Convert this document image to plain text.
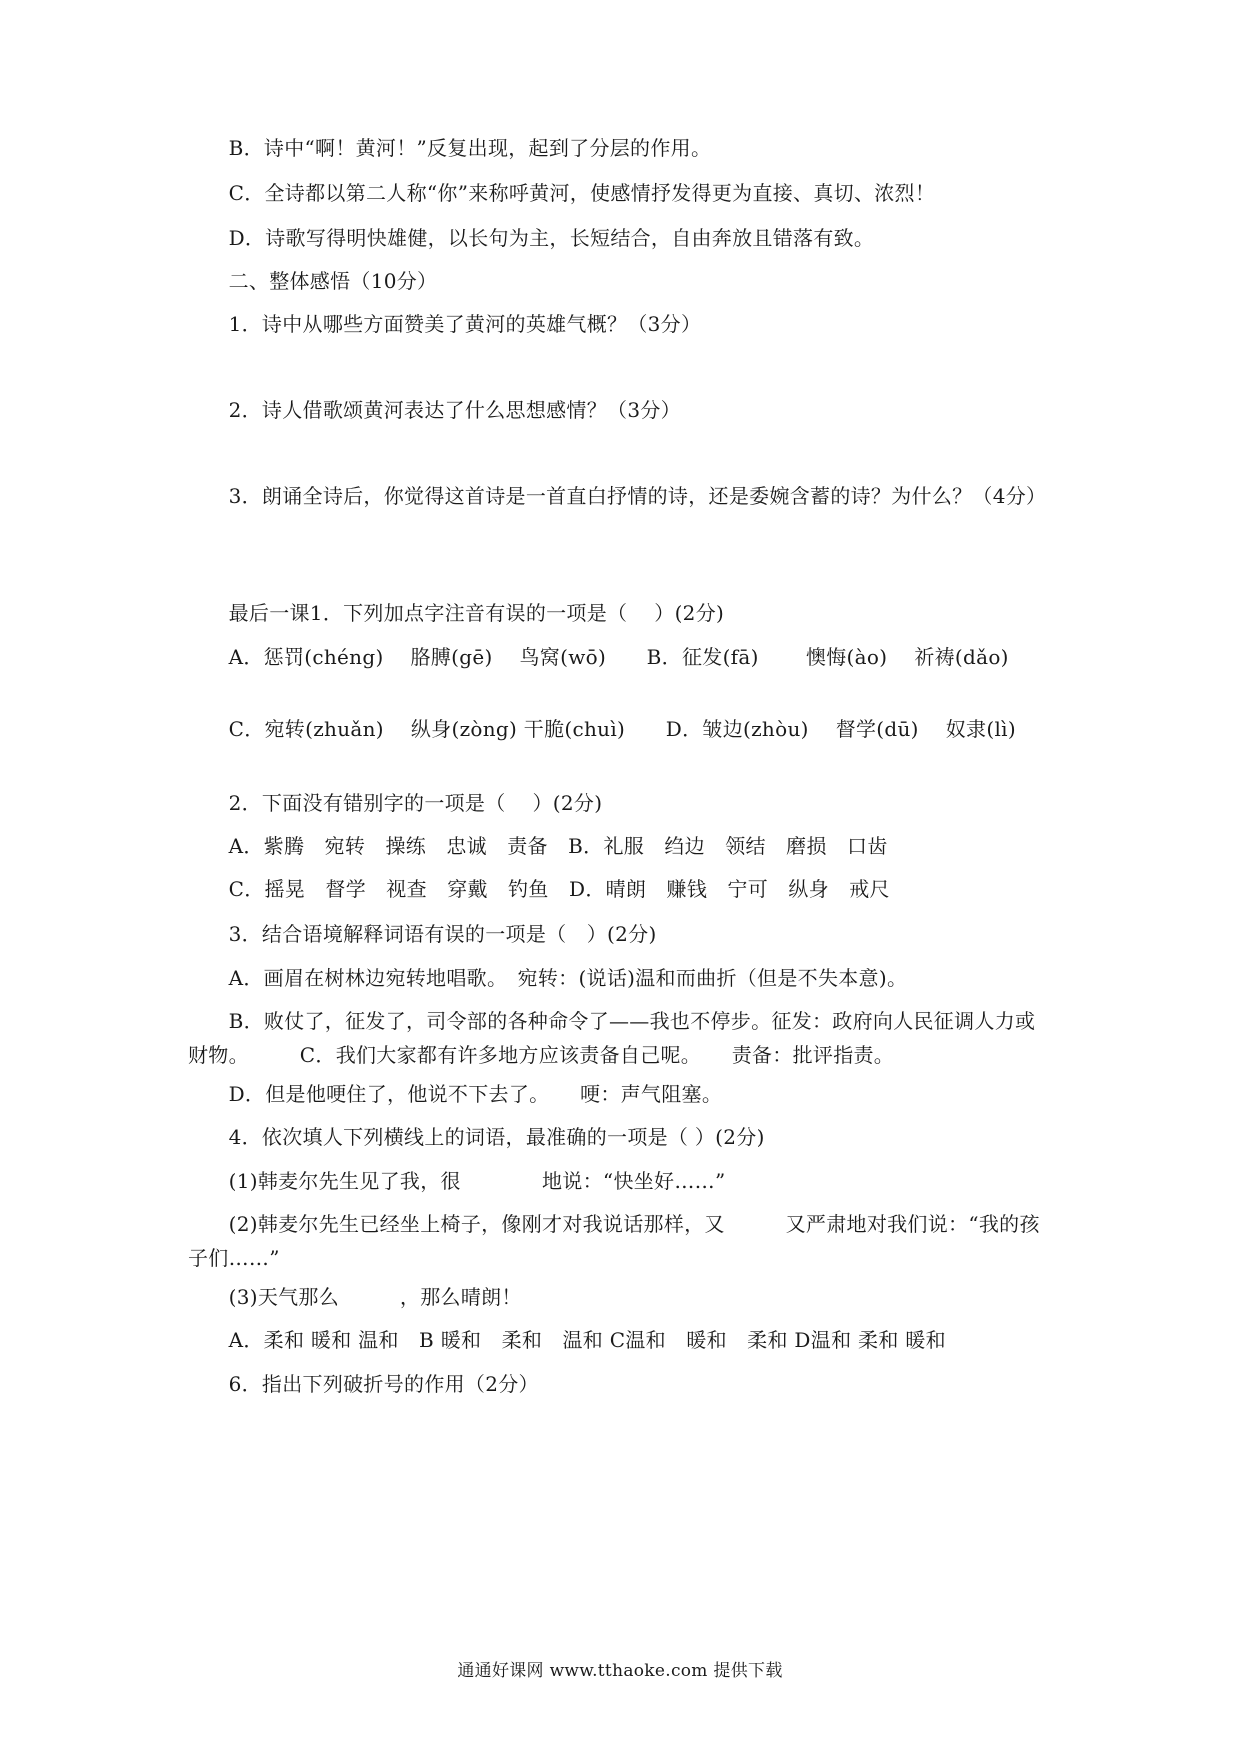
　　B．诗中“啊！黄河！”反复出现，起到了分层的作用。
　　C．全诗都以第二人称“你”来称呼黄河，使感情抒发得更为直接、真切、浓烈！
　　D．诗歌写得明快雄健，以长句为主，长短结合，自由奔放且错落有致。
　　二、整体感悟（10分）
　　1．诗中从哪些方面赞美了黄河的英雄气概？（3分）
　　2．诗人借歌颂黄河表达了什么思想感情？（3分）
　　3．朗诵全诗后，你觉得这首诗是一首直白抒情的诗，还是委婉含蓄的诗？为什么？（4分）
　　最后一课1．下列加点字注音有误的一项是（　 ）(2分)
　　A．惩罚(chéng)　 胳膊(gē)　 鸟窝(wō)　　B．征发(fā)　　 懊悔(ào)　 祈祷(dǎo)
　　C．宛转(zhuǎn)　 纵身(zòng) 干脆(chuì)　　D．皱边(zhòu)　 督学(dū)　 奴隶(lì)
　　2．下面没有错别字的一项是（　 ）(2分)
　　A．紫腾　宛转　操练　忠诚　责备　B．礼服　绉边　领结　磨损　口齿
　　C．摇晃　督学　视查　穿戴　钓鱼　D．晴朗　赚钱　宁可　纵身　戒尺
　　3．结合语境解释词语有误的一项是（　）(2分)
　　A．画眉在树林边宛转地唱歌。　宛转：(说话)温和而曲折（但是不失本意)。
　　B．败仗了，征发了，司令部的各种命令了——我也不停步。征发：政府向人民征调人力或财物。　　　C．我们大家都有许多地方应该责备自己呢。　　责备：批评指责。
　　D．但是他哽住了，他说不下去了。　　哽：声气阻塞。
　　4．依次填人下列横线上的词语，最准确的一项是（ ）(2分)
　　(1)韩麦尔先生见了我，很　　　　地说：“快坐好……”
　　(2)韩麦尔先生已经坐上椅子，像刚才对我说话那样，又　　　又严肃地对我们说：“我的孩子们……”
　　(3)天气那么　　　，那么晴朗！
　　A．柔和 暖和 温和　B 暖和　柔和　温和 C温和　暖和　柔和 D温和 柔和 暖和
　　6．指出下列破折号的作用（2分）
通通好课网 www.tthaoke.com 提供下载
